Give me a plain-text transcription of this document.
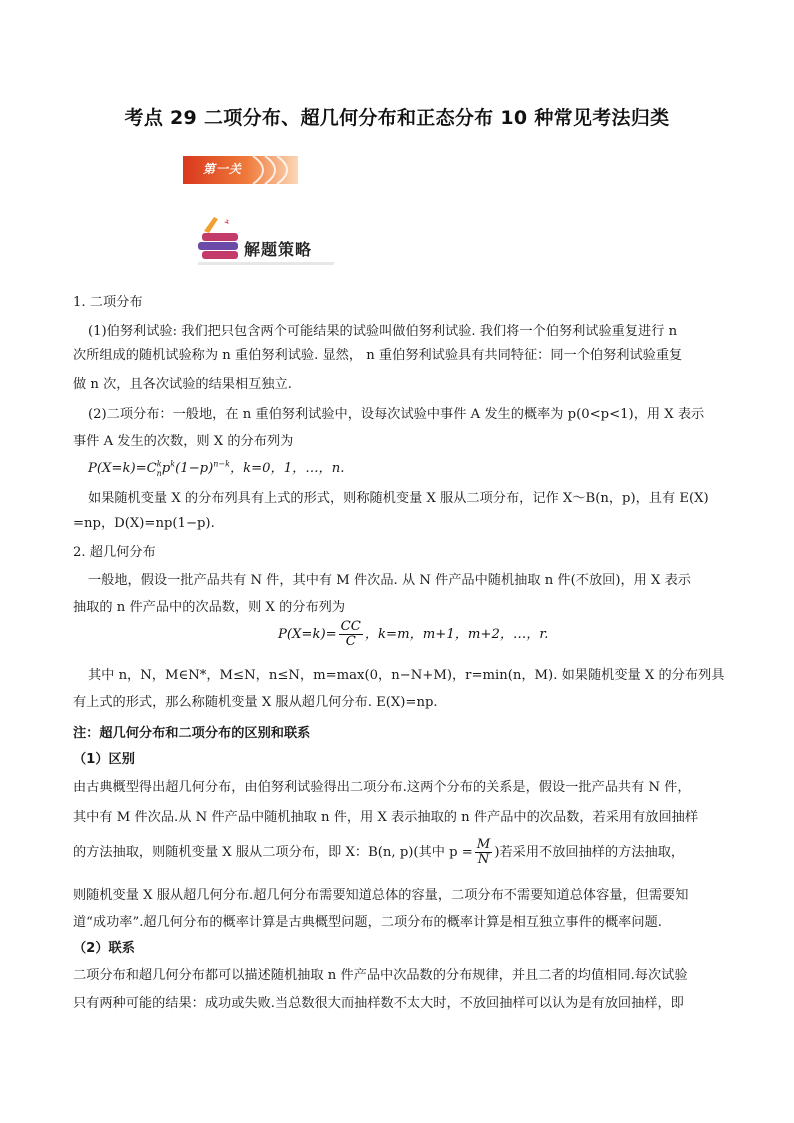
考点 29 二项分布、超几何分布和正态分布 10 种常见考法归类
第一关
解题策略
1. 二项分布
(1)伯努利试验: 我们把只包含两个可能结果的试验叫做伯努利试验. 我们将一个伯努利试验重复进行 n
次所组成的随机试验称为 n 重伯努利试验. 显然， n 重伯努利试验具有共同特征：同一个伯努利试验重复
做 n 次，且各次试验的结果相互独立.
(2)二项分布：一般地，在 n 重伯努利试验中，设每次试验中事件 A 发生的概率为 p(0<p<1)，用 X 表示
事件 A 发生的次数，则 X 的分布列为
$P(X=k)=C^k_np^k(1-p)^{n-k}$，k=0，1，…，n.
如果随机变量 X 的分布列具有上式的形式，则称随机变量 X 服从二项分布，记作 X～B(n，p)，且有 E(X)
=np，D(X)=np(1−p).
2. 超几何分布
一般地，假设一批产品共有 N 件，其中有 M 件次品. 从 N 件产品中随机抽取 n 件(不放回)，用 X 表示
抽取的 n 件产品中的次品数，则 X 的分布列为
$P(X=k)= \frac{CC}{C}$ ，k=m，m+1，m+2，…，r.
其中 n，N，M∈N*，M≤N，n≤N，m=max(0，n−N+M)，r=min(n，M). 如果随机变量 X 的分布列具
有上式的形式，那么称随机变量 X 服从超几何分布. E(X)=np.
注：超几何分布和二项分布的区别和联系
（1）区别
由古典概型得出超几何分布，由伯努利试验得出二项分布.这两个分布的关系是，假设一批产品共有 N 件，
其中有 M 件次品.从 N 件产品中随机抽取 n 件，用 X 表示抽取的 n 件产品中的次品数，若采用有放回抽样
的方法抽取，则随机变量 X 服从二项分布，即 X：B(n, p)(其中 $p = \frac{M}{N}$ )若采用不放回抽样的方法抽取，
则随机变量 X 服从超几何分布.超几何分布需要知道总体的容量，二项分布不需要知道总体容量，但需要知
道“成功率”.超几何分布的概率计算是古典概型问题，二项分布的概率计算是相互独立事件的概率问题.
（2）联系
二项分布和超几何分布都可以描述随机抽取 n 件产品中次品数的分布规律，并且二者的均值相同.每次试验
只有两种可能的结果：成功或失败.当总数很大而抽样数不太大时，不放回抽样可以认为是有放回抽样，即
